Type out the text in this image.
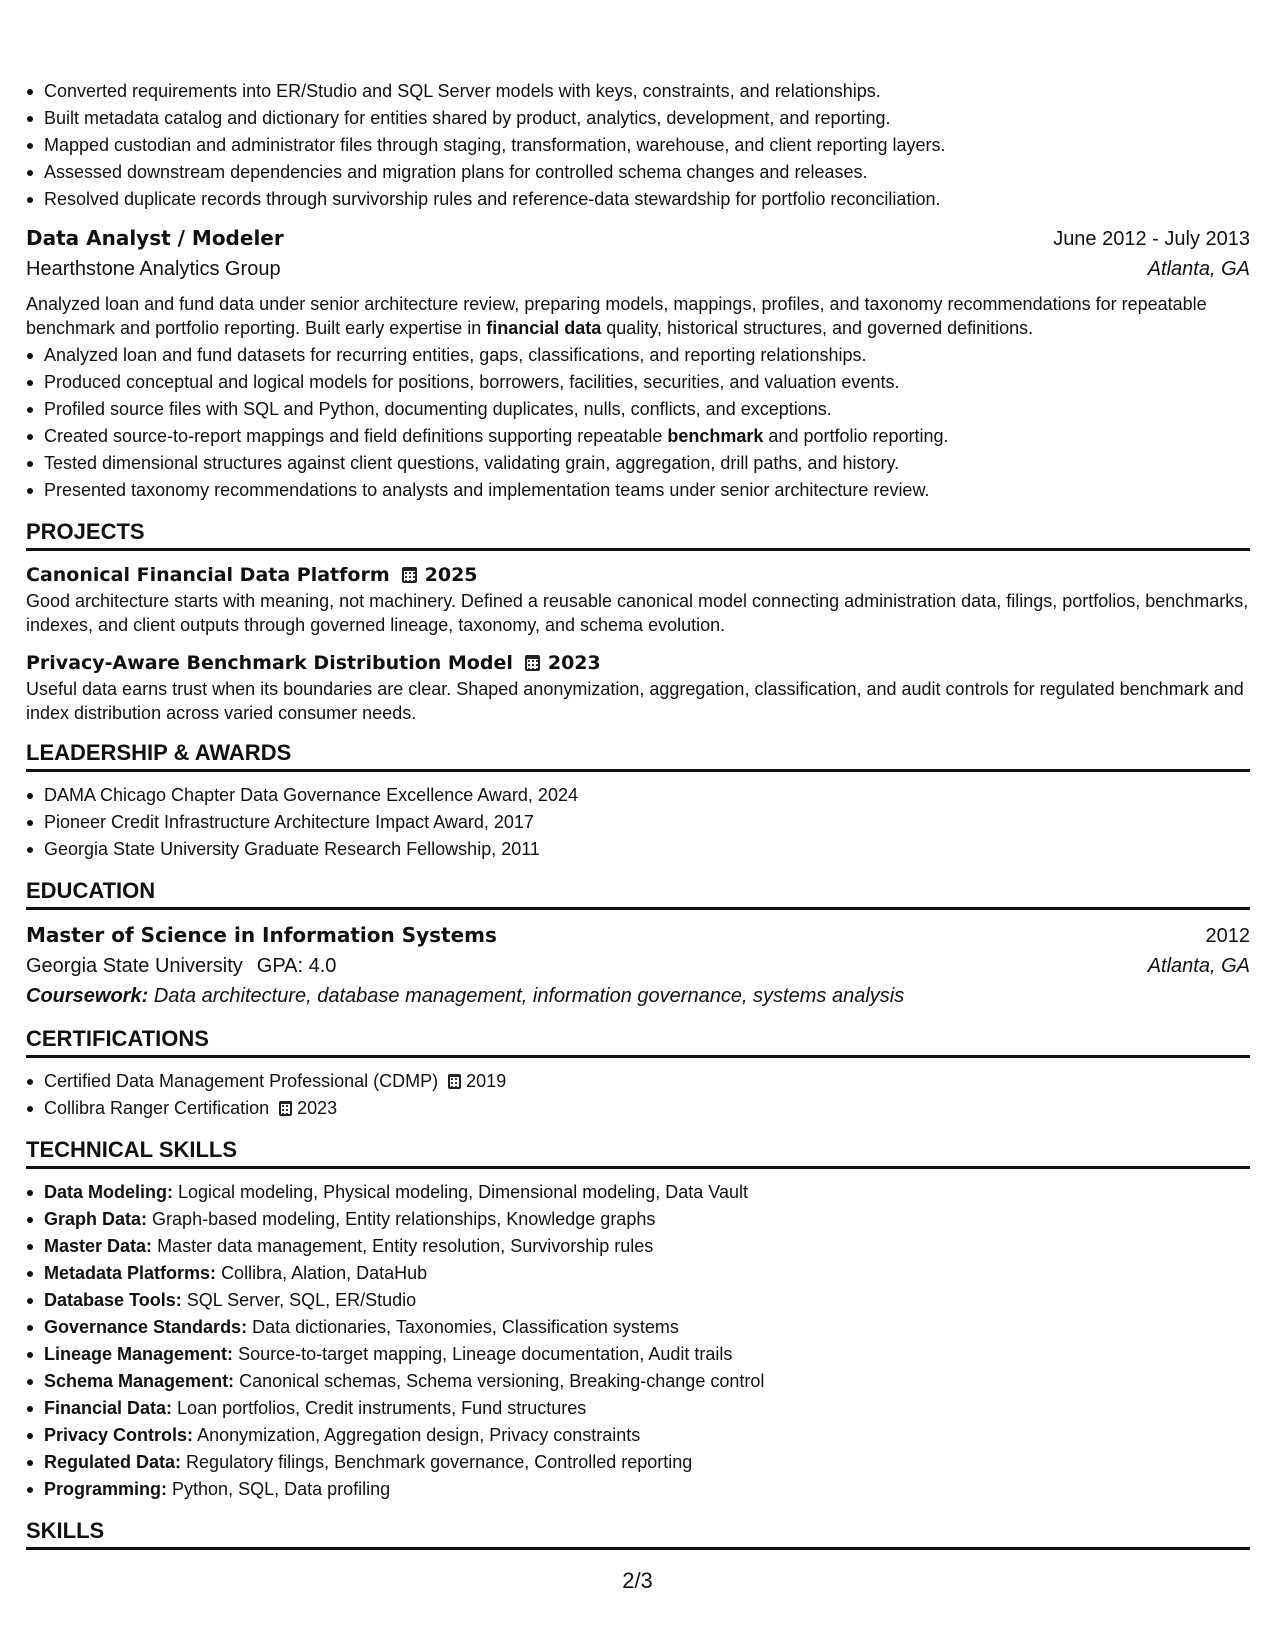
Converted requirements into ER/Studio and SQL Server models with keys, constraints, and relationships.
Built metadata catalog and dictionary for entities shared by product, analytics, development, and reporting.
Mapped custodian and administrator files through staging, transformation, warehouse, and client reporting layers.
Assessed downstream dependencies and migration plans for controlled schema changes and releases.
Resolved duplicate records through survivorship rules and reference-data stewardship for portfolio reconciliation.
Data Analyst / Modeler	June 2012 - July 2013
Hearthstone Analytics Group	Atlanta, GA
Analyzed loan and fund data under senior architecture review, preparing models, mappings, profiles, and taxonomy recommendations for repeatable benchmark and portfolio reporting. Built early expertise in financial data quality, historical structures, and governed definitions.
Analyzed loan and fund datasets for recurring entities, gaps, classifications, and reporting relationships.
Produced conceptual and logical models for positions, borrowers, facilities, securities, and valuation events.
Profiled source files with SQL and Python, documenting duplicates, nulls, conflicts, and exceptions.
Created source-to-report mappings and field definitions supporting repeatable benchmark and portfolio reporting.
Tested dimensional structures against client questions, validating grain, aggregation, drill paths, and history.
Presented taxonomy recommendations to analysts and implementation teams under senior architecture review.
PROJECTS
Canonical Financial Data Platform 2025
Good architecture starts with meaning, not machinery. Defined a reusable canonical model connecting administration data, filings, portfolios, benchmarks, indexes, and client outputs through governed lineage, taxonomy, and schema evolution.
Privacy-Aware Benchmark Distribution Model 2023
Useful data earns trust when its boundaries are clear. Shaped anonymization, aggregation, classification, and audit controls for regulated benchmark and index distribution across varied consumer needs.
LEADERSHIP & AWARDS
DAMA Chicago Chapter Data Governance Excellence Award, 2024
Pioneer Credit Infrastructure Architecture Impact Award, 2017
Georgia State University Graduate Research Fellowship, 2011
EDUCATION
Master of Science in Information Systems	2012
Georgia State University GPA: 4.0	Atlanta, GA
Coursework: Data architecture, database management, information governance, systems analysis
CERTIFICATIONS
Certified Data Management Professional (CDMP) 2019
Collibra Ranger Certification 2023
TECHNICAL SKILLS
Data Modeling: Logical modeling, Physical modeling, Dimensional modeling, Data Vault
Graph Data: Graph-based modeling, Entity relationships, Knowledge graphs
Master Data: Master data management, Entity resolution, Survivorship rules
Metadata Platforms: Collibra, Alation, DataHub
Database Tools: SQL Server, SQL, ER/Studio
Governance Standards: Data dictionaries, Taxonomies, Classification systems
Lineage Management: Source-to-target mapping, Lineage documentation, Audit trails
Schema Management: Canonical schemas, Schema versioning, Breaking-change control
Financial Data: Loan portfolios, Credit instruments, Fund structures
Privacy Controls: Anonymization, Aggregation design, Privacy constraints
Regulated Data: Regulatory filings, Benchmark governance, Controlled reporting
Programming: Python, SQL, Data profiling
SKILLS
2/3
